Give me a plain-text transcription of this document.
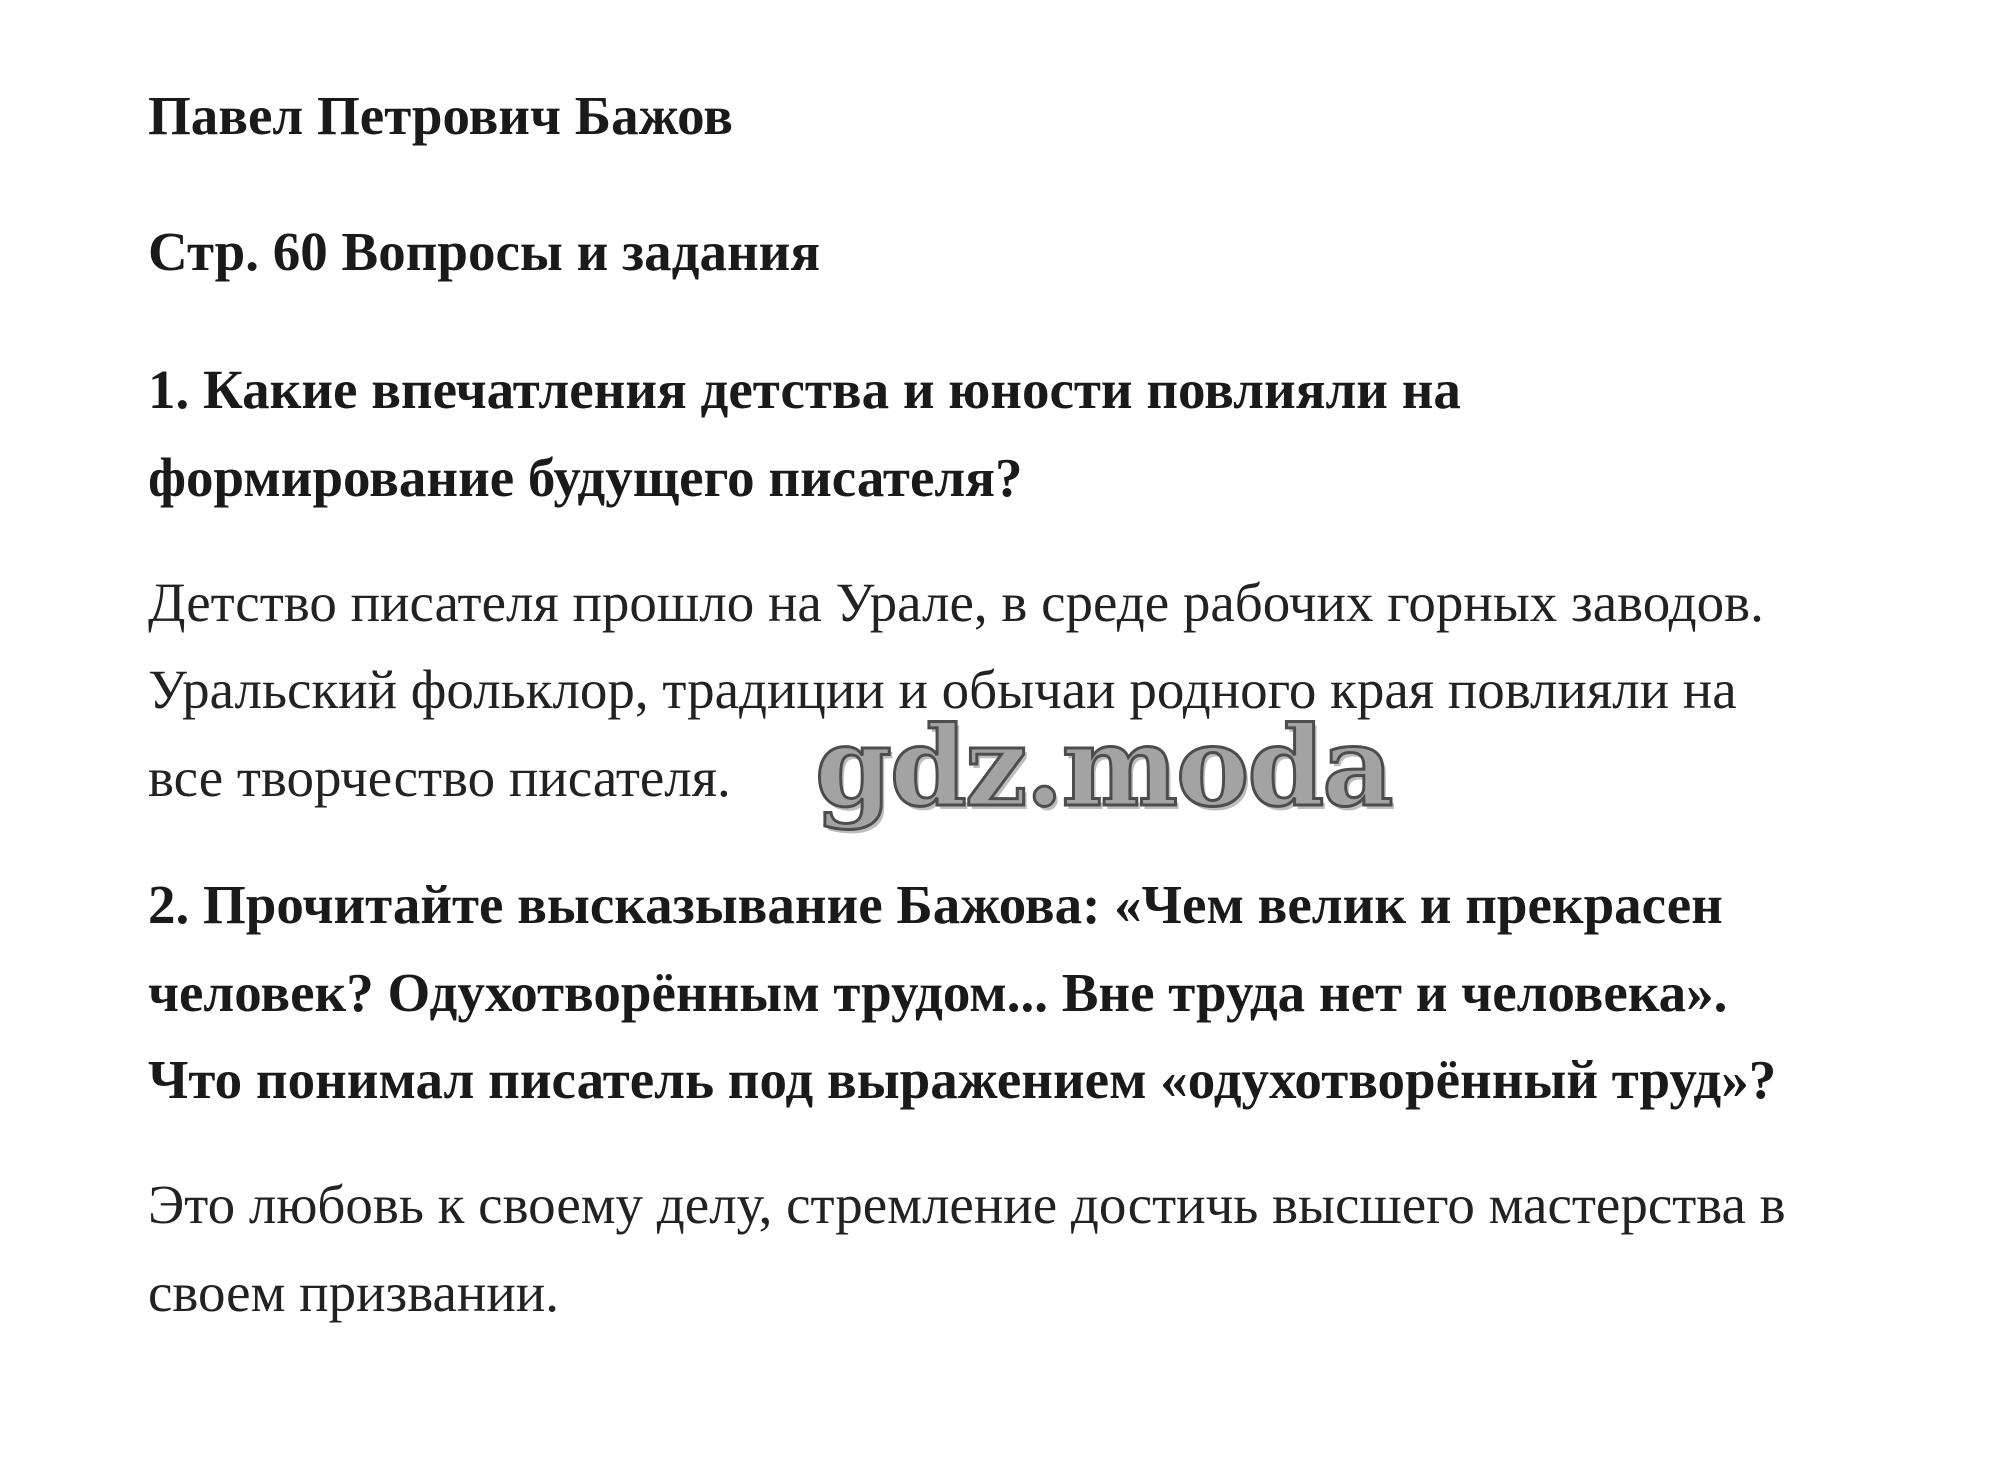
Павел Петрович Бажов
Стр. 60 Вопросы и задания
1. Какие впечатления детства и юности повлияли на
формирование будущего писателя?
Детство писателя прошло на Урале, в среде рабочих горных заводов.
Уральский фольклор, традиции и обычаи родного края повлияли на
все творчество писателя.
2. Прочитайте высказывание Бажова: «Чем велик и прекрасен
человек? Одухотворённым трудом... Вне труда нет и человека».
Что понимал писатель под выражением «одухотворённый труд»?
Это любовь к своему делу, стремление достичь высшего мастерства в
своем призвании.
gdz.moda
